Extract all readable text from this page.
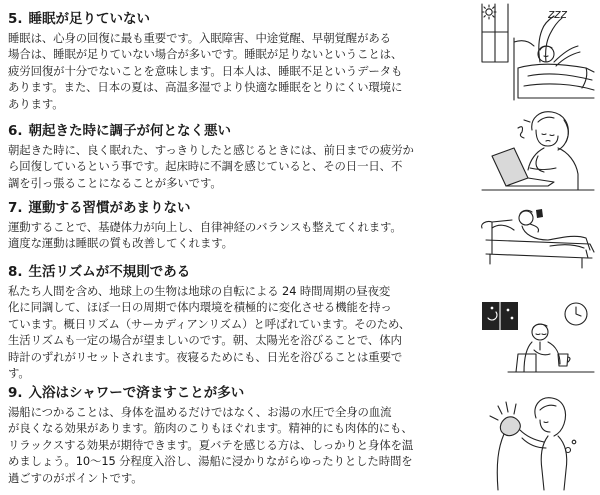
5. 睡眠が足りていない

睡眠は、心身の回復に最も重要です。入眠障害、中途覚醒、早朝覚醒がある
場合は、睡眠が足りていない場合が多いです。睡眠が足りないということは、
疲労回復が十分でないことを意味します。日本人は、睡眠不足というデータも
あります。また、日本の夏は、高温多湿でより快適な睡眠をとりにくい環境に
あります。

6. 朝起きた時に調子が何となく悪い

朝起きた時に、良く眠れた、すっきりしたと感じるときには、前日までの疲労か
ら回復しているという事です。起床時に不調を感じていると、その日一日、不
調を引っ張ることになることが多いです。

7. 運動する習慣があまりない

運動することで、基礎体力が向上し、自律神経のバランスも整えてくれます。
適度な運動は睡眠の質も改善してくれます。

8. 生活リズムが不規則である

私たち人間を含め、地球上の生物は地球の自転による 24 時間周期の昼夜変
化に同調して、ほぼ一日の周期で体内環境を積極的に変化させる機能を持っ
ています。概日リズム（サーカディアンリズム）と呼ばれています。そのため、
生活リズムも一定の場合が望ましいのです。朝、太陽光を浴びることで、体内
時計のずれがリセットされます。夜寝るためにも、日光を浴びることは重要で
す。

9. 入浴はシャワーで済ますことが多い

湯船につかることは、身体を温めるだけではなく、お湯の水圧で全身の血流
が良くなる効果があります。筋肉のこりもほぐれます。精神的にも肉体的にも、
リラックスする効果が期待できます。夏バテを感じる方は、しっかりと身体を温
めましょう。10～15 分程度入浴し、湯船に浸かりながらゆったりとした時間を
過ごすのがポイントです。

zzz
